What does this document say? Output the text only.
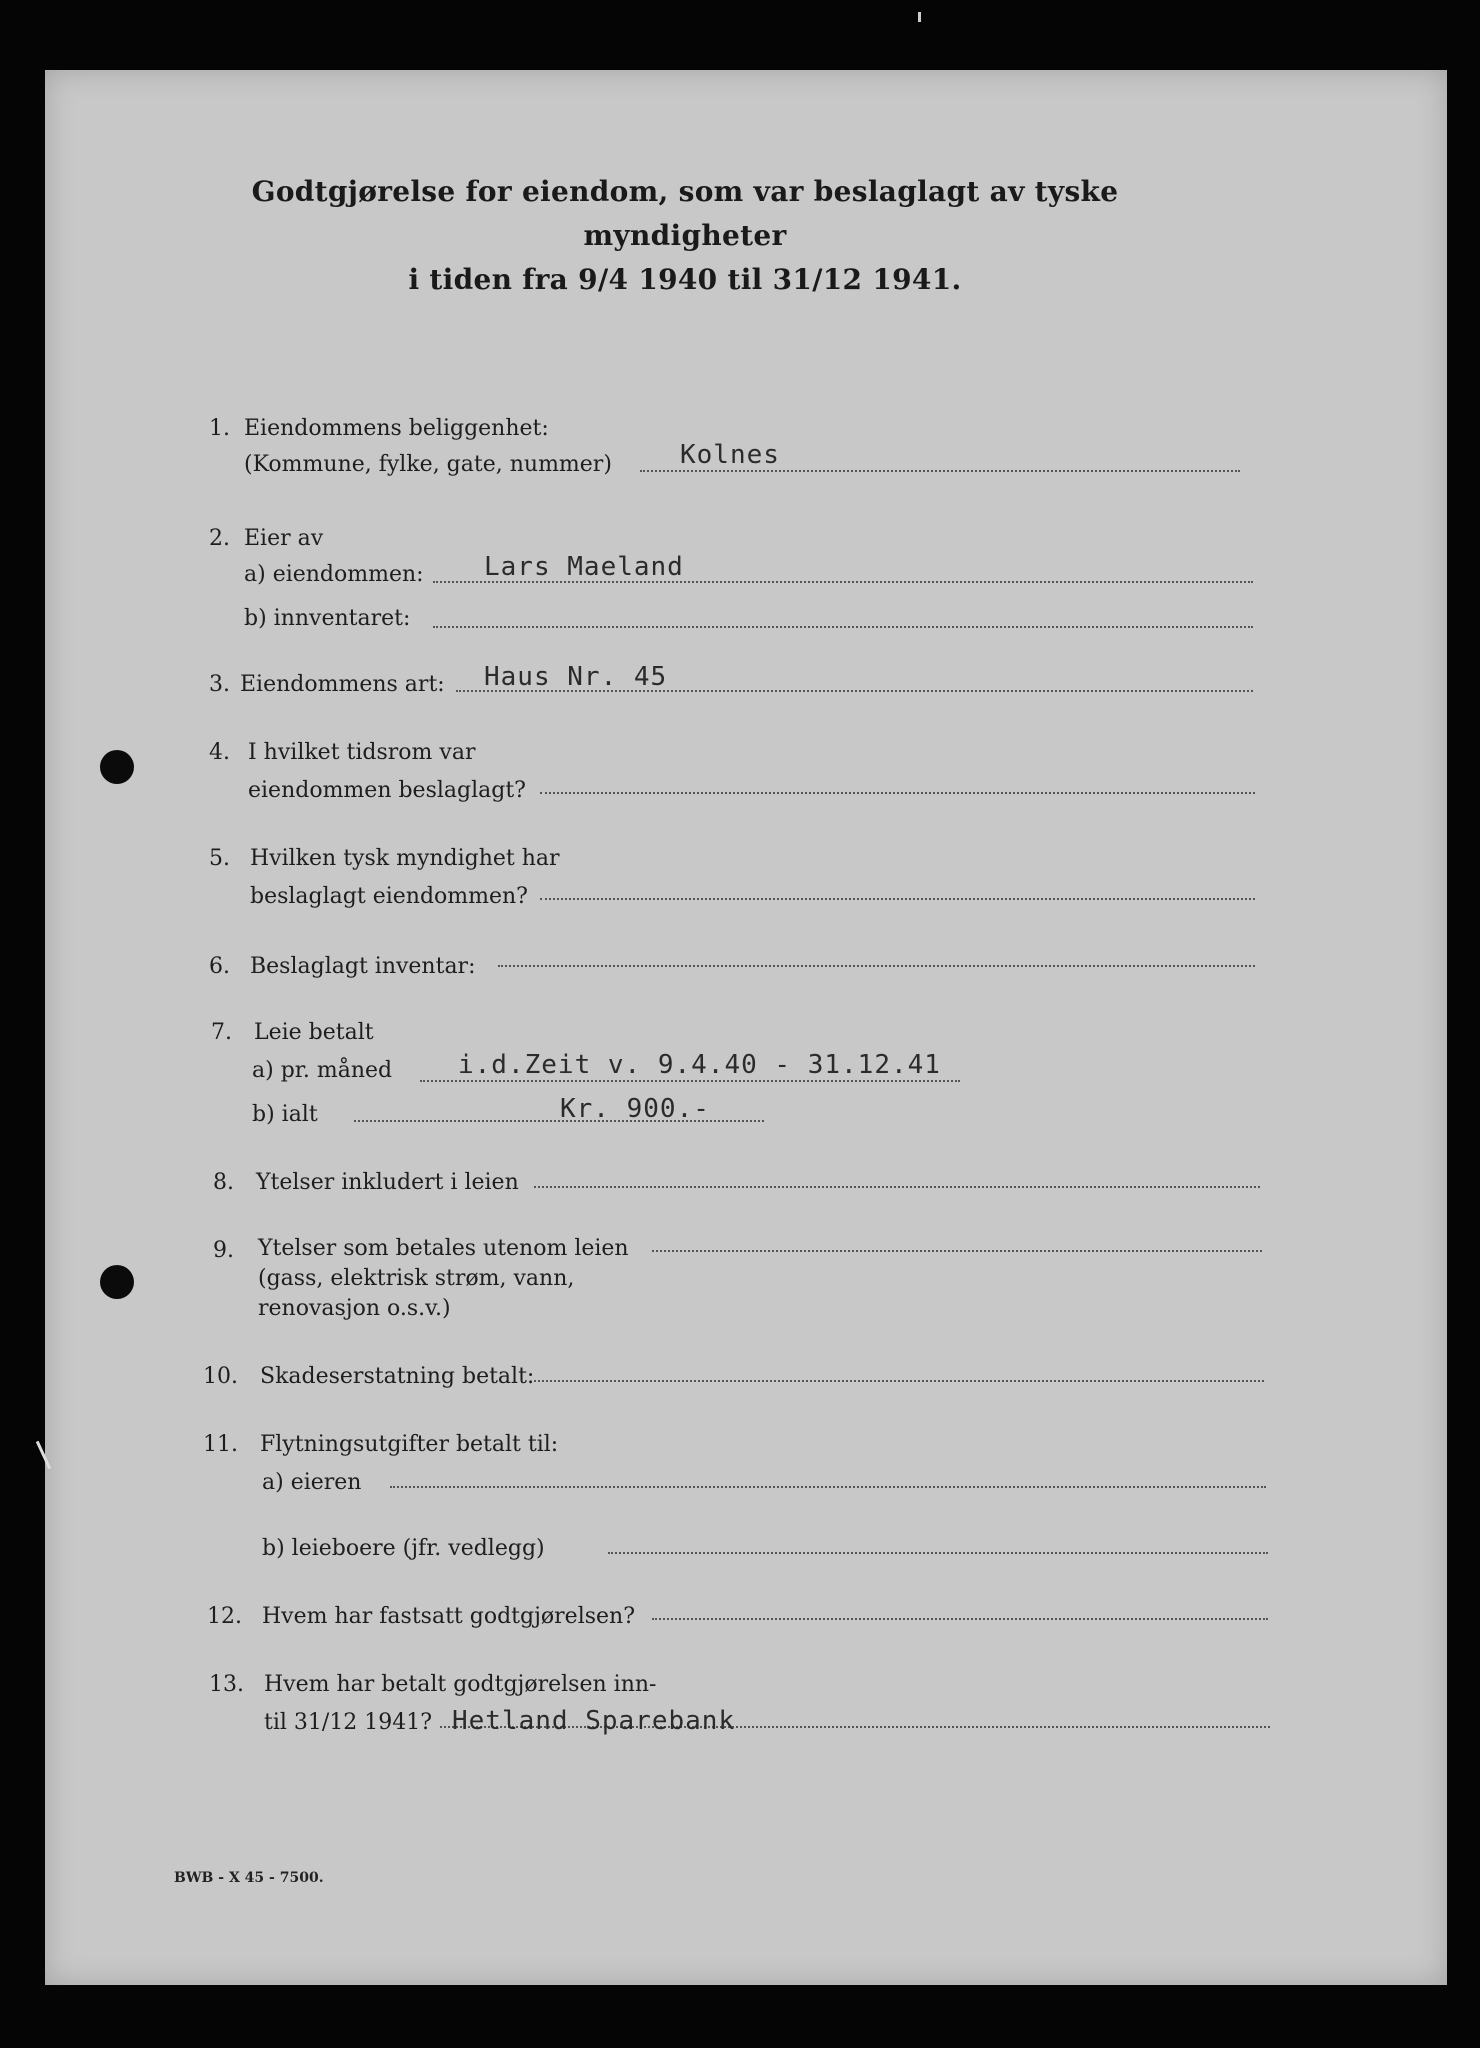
Godtgjørelse for eiendom, som var beslaglagt av tyske myndigheter
i tiden fra 9/4 1940 til 31/12 1941.
1. Eiendommens beliggenhet:
(Kommune, fylke, gate, nummer)	Kolnes
2. Eier av
a) eiendommen: Lars Maeland
b) innventaret:
3. Eiendommens art: Haus Nr. 45
4. I hvilket tidsrom var
eiendommen beslaglagt?
5. Hvilken tysk myndighet har
beslaglagt eiendommen?
6. Beslaglagt inventar:
7. Leie betalt
a) pr. måned	i.d.Zeit v. 9.4.40 - 31.12.41
b) ialt	Kr. 900.-
8. Ytelser inkludert i leien
9. Ytelser som betales utenom leien
(gass, elektrisk strøm, vann,
renovasjon o.s.v.)
10. Skadeserstatning betalt:
11. Flytningsutgifter betalt til:
a) eieren
b) leieboere (jfr. vedlegg)
12. Hvem har fastsatt godtgjørelsen?
13. Hvem har betalt godtgjørelsen inn-
til 31/12 1941? Hetland Sparebank
BWB - X 45 - 7500.
